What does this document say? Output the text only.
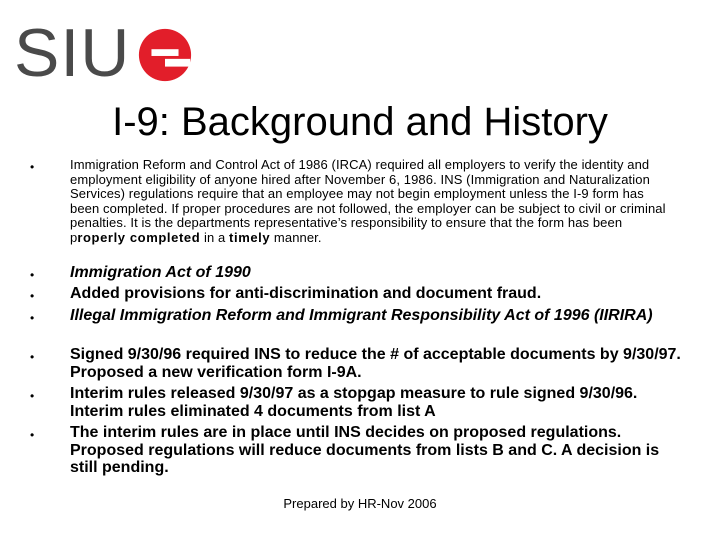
SIU
I-9: Background and History
•	Immigration Reform and Control Act of 1986 (IRCA) required all employers to verify the identity and employment eligibility of anyone hired after November 6, 1986. INS (Immigration and Naturalization Services) regulations require that an employee may not begin employment unless the I-9 form has been completed. If proper procedures are not followed, the employer can be subject to civil or criminal penalties. It is the departments representative’s responsibility to ensure that the form has been properly completed in a timely manner.
• Immigration Act of 1990
• Added provisions for anti-discrimination and document fraud.
• Illegal Immigration Reform and Immigrant Responsibility Act of 1996 (IIRIRA)
• Signed 9/30/96 required INS to reduce the # of acceptable documents by 9/30/97. Proposed a new verification form I-9A.
• Interim rules released 9/30/97 as a stopgap measure to rule signed 9/30/96. Interim rules eliminated 4 documents from list A
• The interim rules are in place until INS decides on proposed regulations. Proposed regulations will reduce documents from lists B and C. A decision is still pending.
Prepared by HR-Nov 2006
